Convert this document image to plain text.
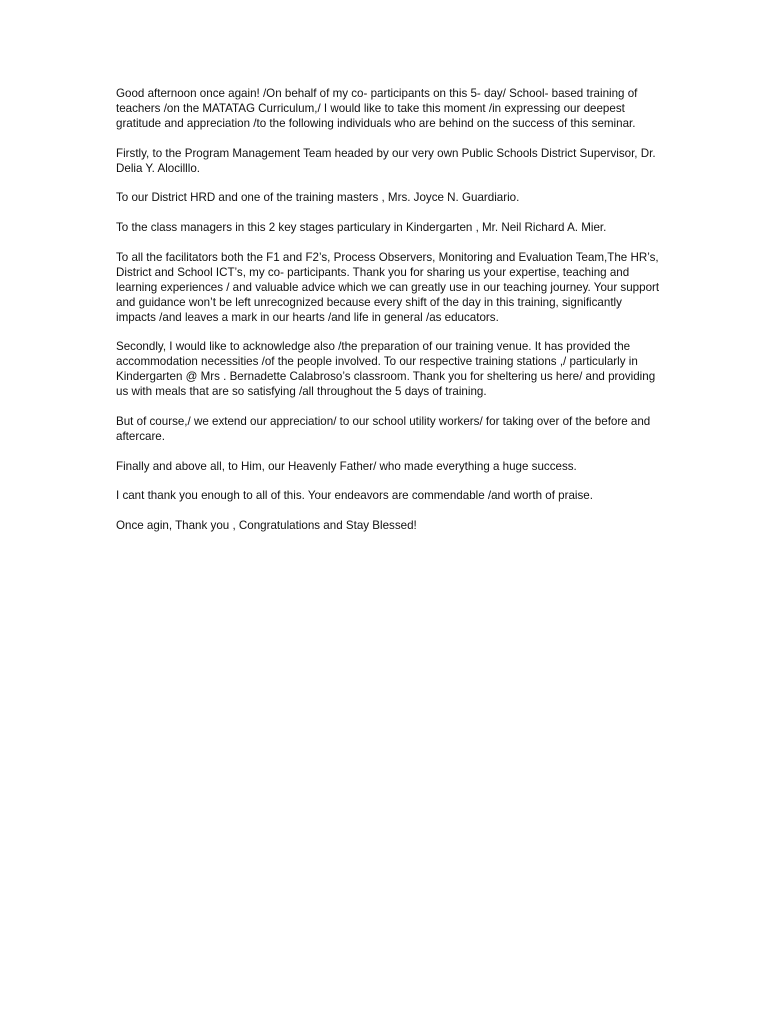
Good afternoon once again! /On behalf of my co- participants on this 5- day/ School- based training of teachers /on the MATATAG Curriculum,/ I would like to take this moment /in expressing our deepest gratitude and appreciation /to the following individuals who are behind on the success of this seminar.

Firstly, to the Program Management Team headed by our very own Public Schools District Supervisor, Dr. Delia Y. Alocilllo.

To our District HRD and one of the training masters , Mrs. Joyce N. Guardiario.

To the class managers in this 2 key stages particulary in Kindergarten , Mr. Neil Richard A. Mier.

To all the facilitators both the F1 and F2’s, Process Observers, Monitoring and Evaluation Team,The HR’s, District and School ICT’s, my co- participants. Thank you for sharing us your expertise, teaching and learning experiences / and valuable advice which we can greatly use in our teaching journey. Your support and guidance won’t be left unrecognized because every shift of the day in this training, significantly impacts /and leaves a mark in our hearts /and life in general /as educators.

Secondly, I would like to acknowledge also /the preparation of our training venue. It has provided the accommodation necessities /of the people involved. To our respective training stations ,/ particularly in Kindergarten @ Mrs . Bernadette Calabroso’s classroom. Thank you for sheltering us here/ and providing us with meals that are so satisfying /all throughout the 5 days of training.

But of course,/ we extend our appreciation/ to our school utility workers/ for taking over of the before and aftercare.

Finally and above all, to Him, our Heavenly Father/ who made everything a huge success.

I cant thank you enough to all of this. Your endeavors are commendable /and worth of praise.

Once agin, Thank you , Congratulations and Stay Blessed!
